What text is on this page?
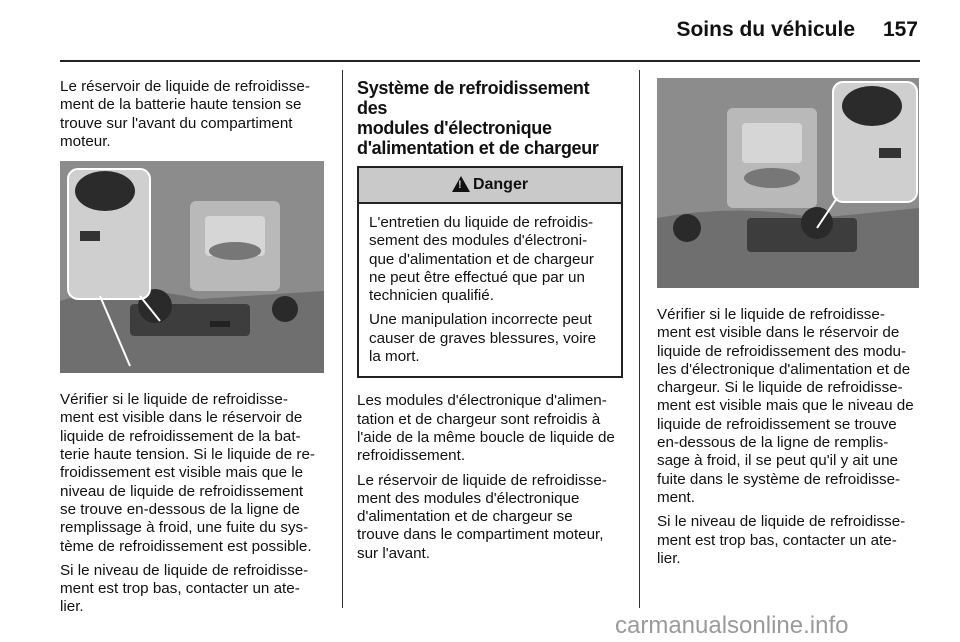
Soins du véhicule 157

Le réservoir de liquide de refroidisse-
ment de la batterie haute tension se
trouve sur l'avant du compartiment
moteur.

Vérifier si le liquide de refroidisse-
ment est visible dans le réservoir de
liquide de refroidissement de la bat-
terie haute tension. Si le liquide de re-
froidissement est visible mais que le
niveau de liquide de refroidissement
se trouve en-dessous de la ligne de
remplissage à froid, une fuite du sys-
tème de refroidissement est possible.

Si le niveau de liquide de refroidisse-
ment est trop bas, contacter un ate-
lier.

Système de refroidissement des
modules d'électronique
d'alimentation et de chargeur
! Danger

L'entretien du liquide de refroidis-
sement des modules d'électroni-
que d'alimentation et de chargeur
ne peut être effectué que par un
technicien qualifié.

Une manipulation incorrecte peut
causer de graves blessures, voire
la mort.

Les modules d'électronique d'alimen-
tation et de chargeur sont refroidis à
l'aide de la même boucle de liquide de
refroidissement.

Le réservoir de liquide de refroidisse-
ment des modules d'électronique
d'alimentation et de chargeur se
trouve dans le compartiment moteur,
sur l'avant.

Vérifier si le liquide de refroidisse-
ment est visible dans le réservoir de
liquide de refroidissement des modu-
les d'électronique d'alimentation et de
chargeur. Si le liquide de refroidisse-
ment est visible mais que le niveau de
liquide de refroidissement se trouve
en-dessous de la ligne de remplis-
sage à froid, il se peut qu'il y ait une
fuite dans le système de refroidisse-
ment.

Si le niveau de liquide de refroidisse-
ment est trop bas, contacter un ate-
lier.

carmanualsonline.info
